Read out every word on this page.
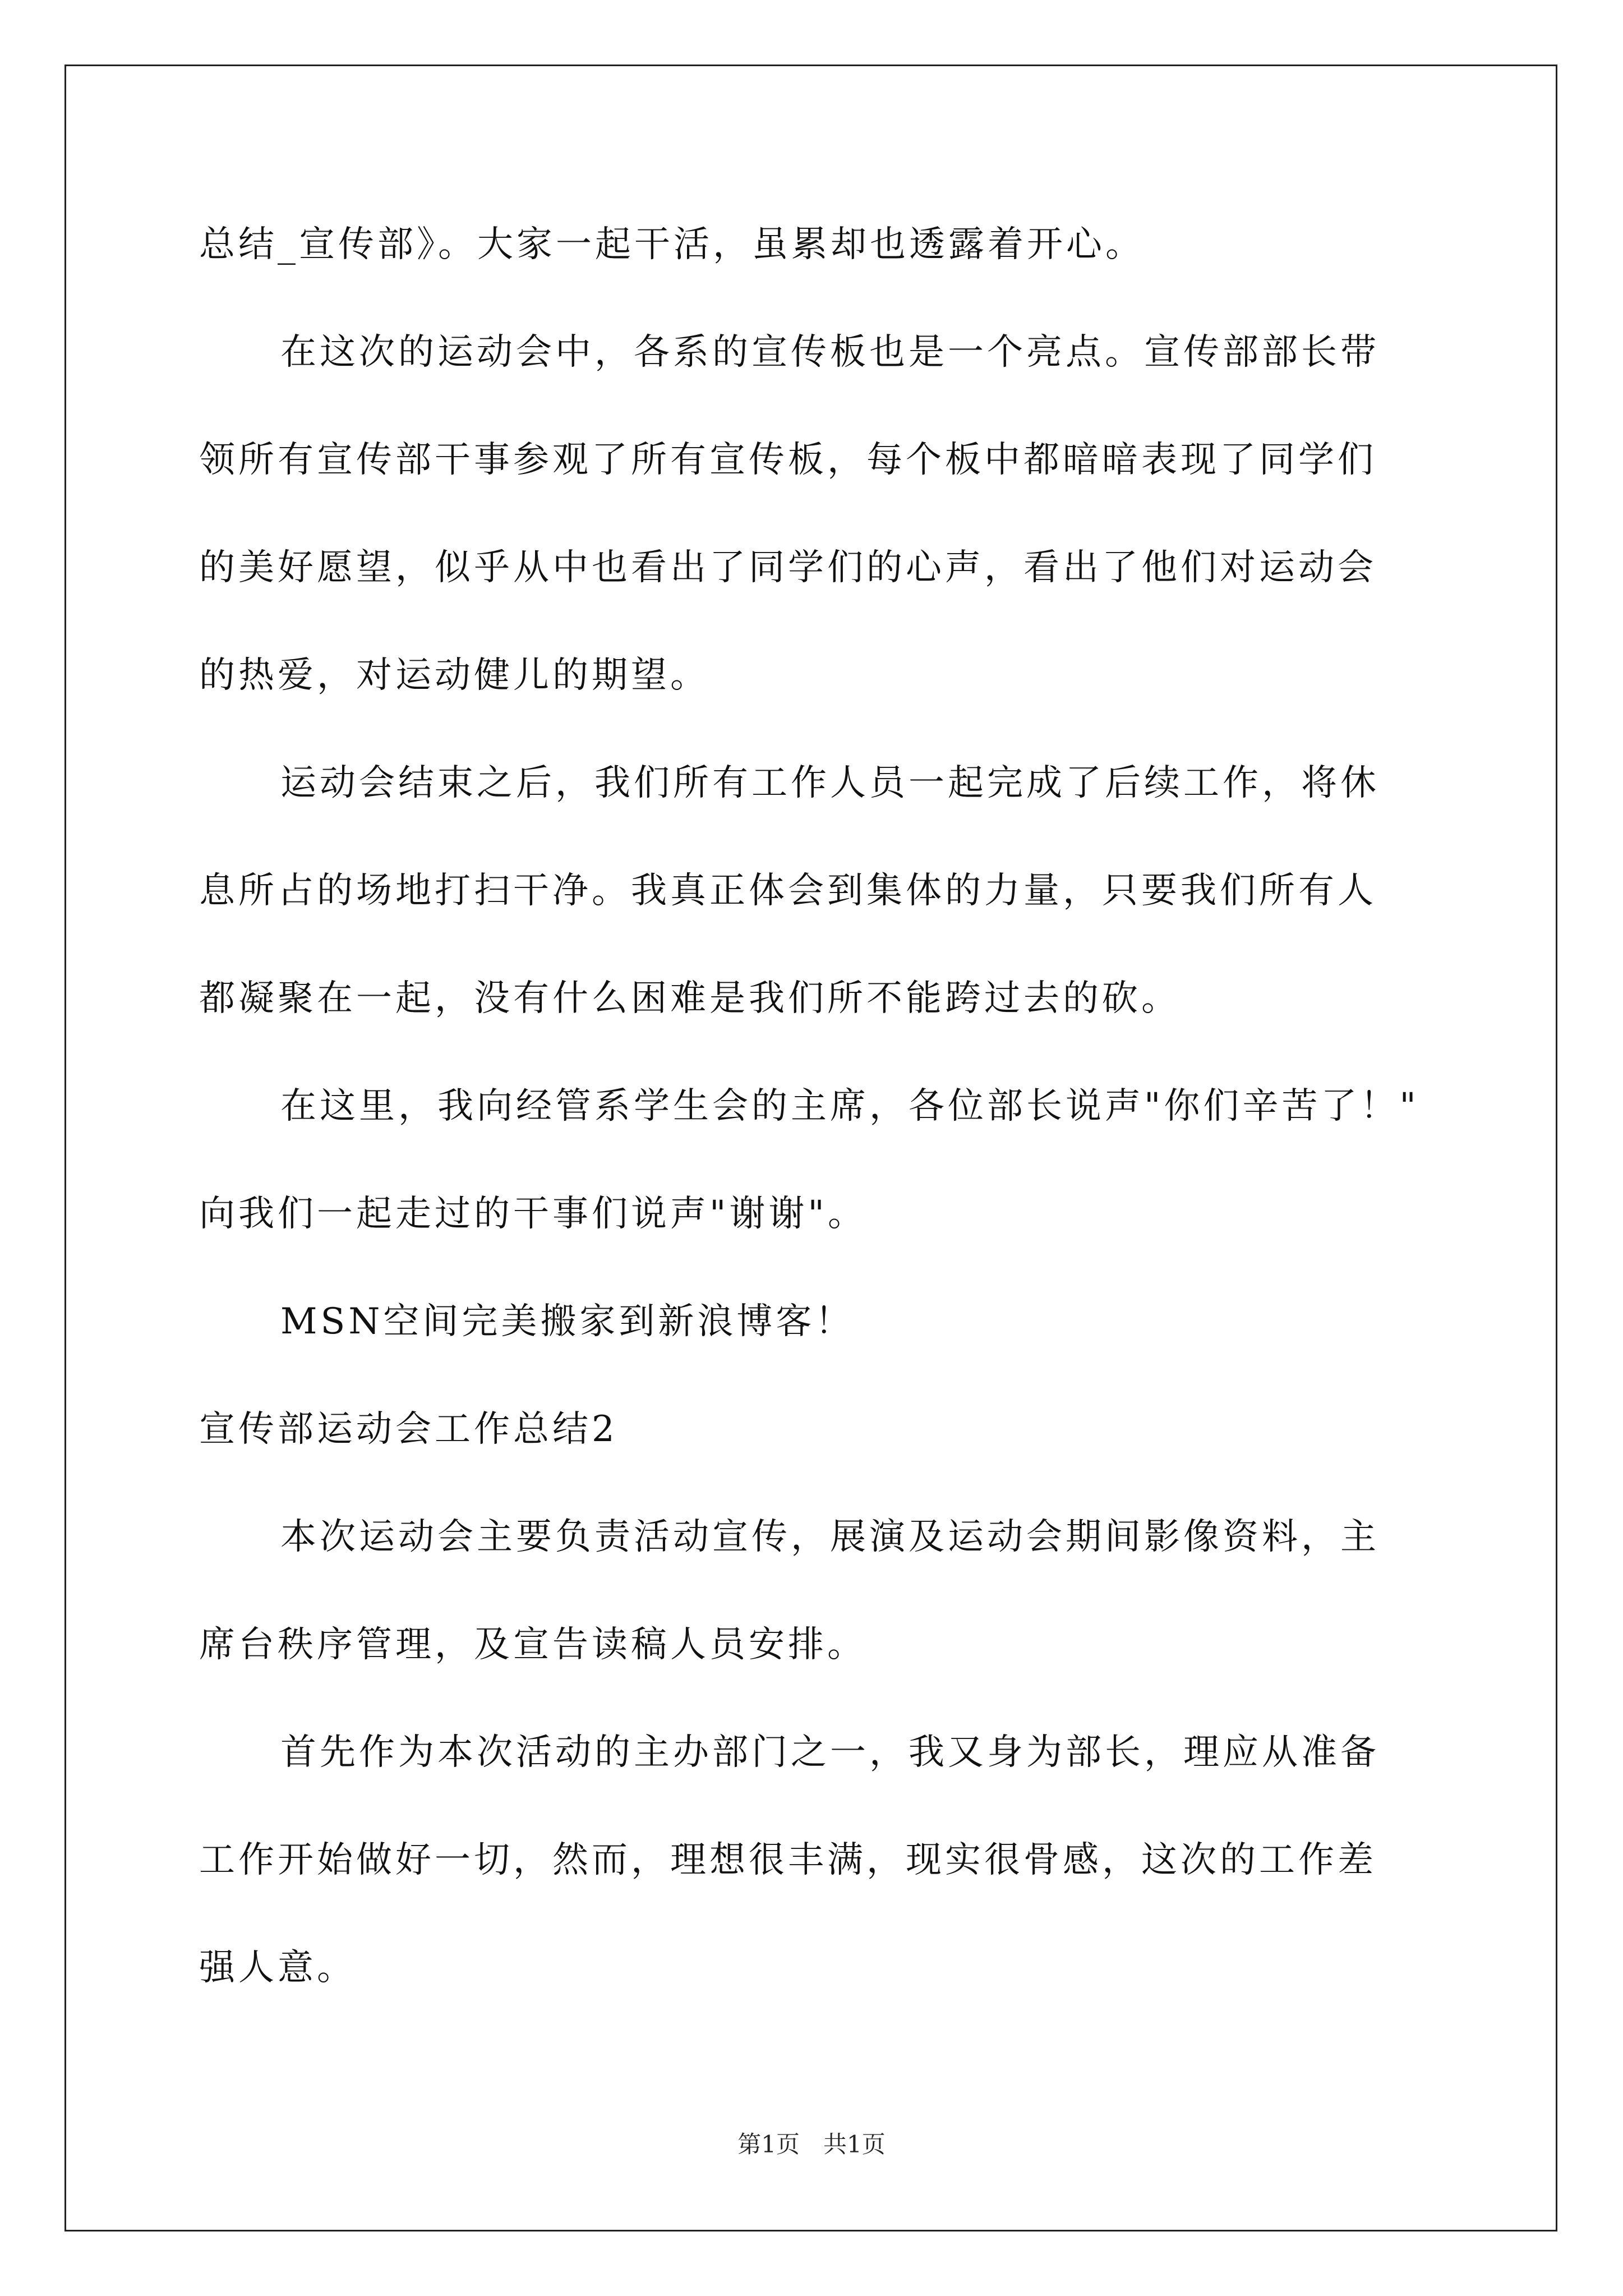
总结_宣传部》。大家一起干活，虽累却也透露着开心。
在这次的运动会中，各系的宣传板也是一个亮点。宣传部部长带
领所有宣传部干事参观了所有宣传板，每个板中都暗暗表现了同学们
的美好愿望，似乎从中也看出了同学们的心声，看出了他们对运动会
的热爱，对运动健儿的期望。
运动会结束之后，我们所有工作人员一起完成了后续工作，将休
息所占的场地打扫干净。我真正体会到集体的力量，只要我们所有人
都凝聚在一起，没有什么困难是我们所不能跨过去的砍。
在这里，我向经管系学生会的主席，各位部长说声"你们辛苦了！"
向我们一起走过的干事们说声"谢谢"。
MSN空间完美搬家到新浪博客！
宣传部运动会工作总结2
本次运动会主要负责活动宣传，展演及运动会期间影像资料，主
席台秩序管理，及宣告读稿人员安排。
首先作为本次活动的主办部门之一，我又身为部长，理应从准备
工作开始做好一切，然而，理想很丰满，现实很骨感，这次的工作差
强人意。
第1页　共1页
